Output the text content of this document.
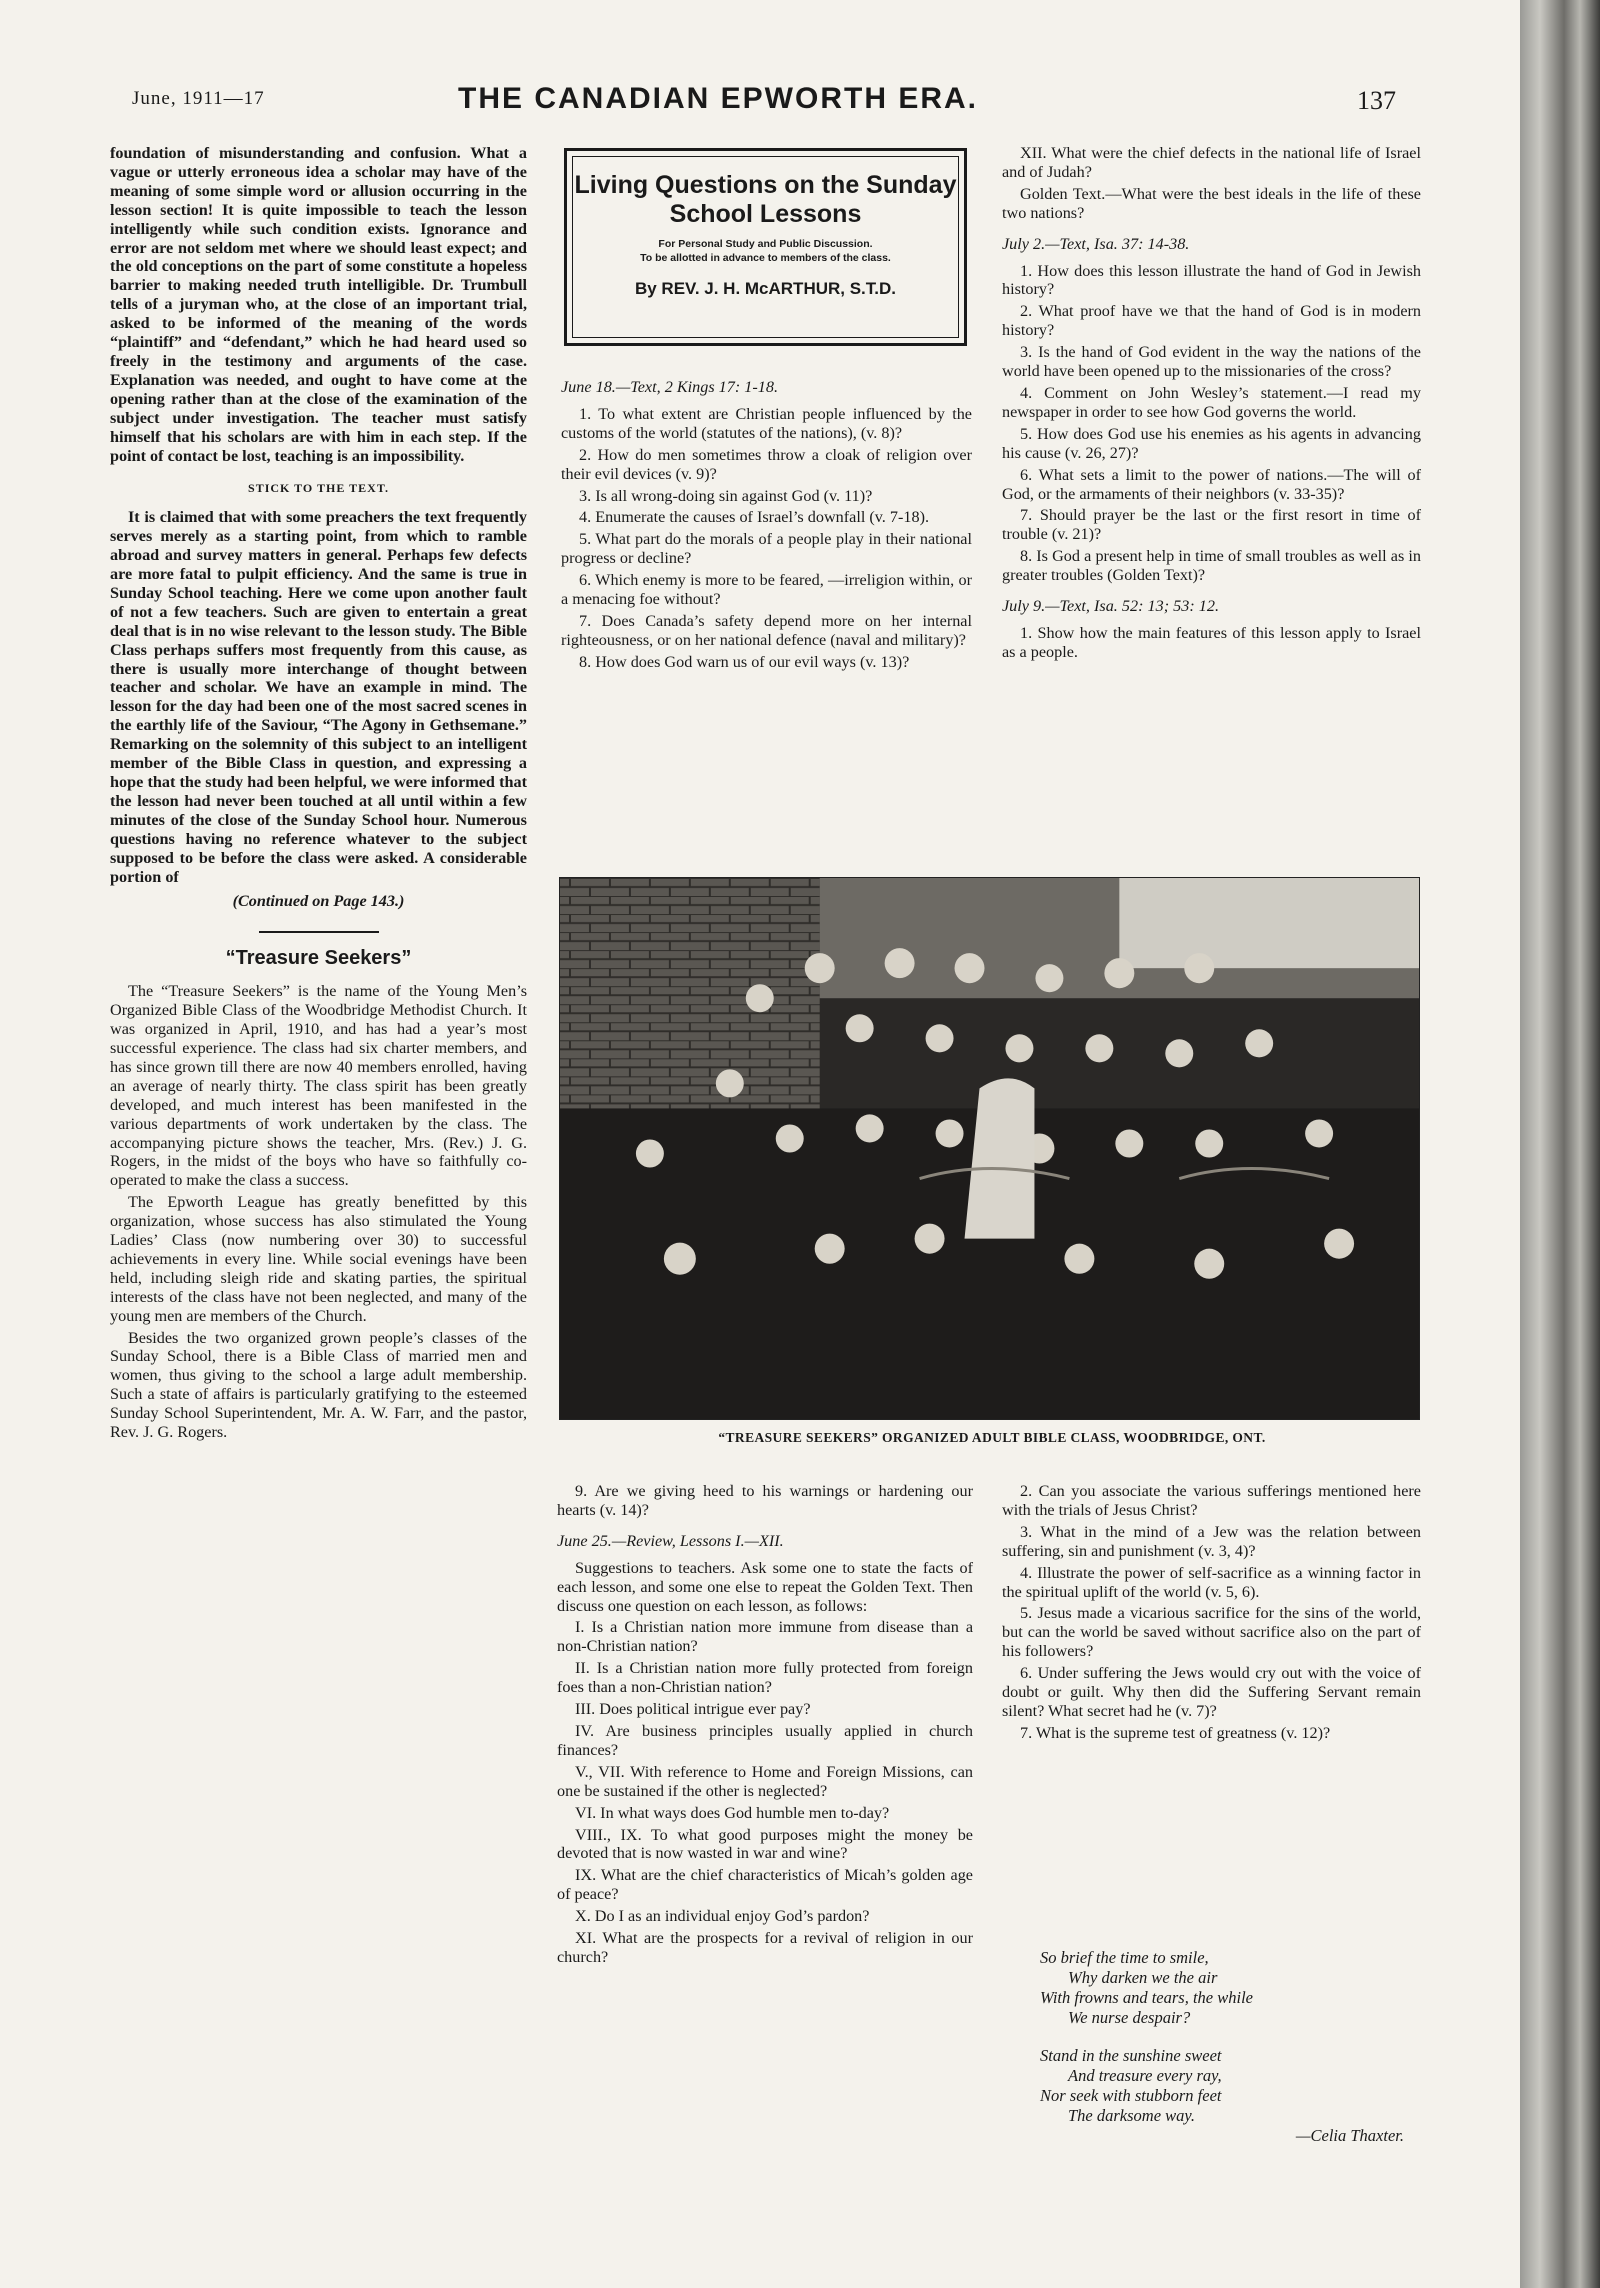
June, 1911—17	THE CANADIAN EPWORTH ERA.	137

foundation of misunderstanding and confusion. What a vague or utterly erroneous idea a scholar may have of the meaning of some simple word or allusion occurring in the lesson section! It is quite impossible to teach the lesson intelligently while such condition exists. Ignorance and error are not seldom met where we should least expect; and the old conceptions on the part of some constitute a hopeless barrier to making needed truth intelligible. Dr. Trumbull tells of a juryman who, at the close of an important trial, asked to be informed of the meaning of the words “plaintiff” and “defendant,” which he had heard used so freely in the testimony and arguments of the case. Explanation was needed, and ought to have come at the opening rather than at the close of the examination of the subject under investigation. The teacher must satisfy himself that his scholars are with him in each step. If the point of contact be lost, teaching is an impossibility.

STICK TO THE TEXT.

It is claimed that with some preachers the text frequently serves merely as a starting point, from which to ramble abroad and survey matters in general. Perhaps few defects are more fatal to pulpit efficiency. And the same is true in Sunday School teaching. Here we come upon another fault of not a few teachers. Such are given to entertain a great deal that is in no wise relevant to the lesson study. The Bible Class perhaps suffers most frequently from this cause, as there is usually more interchange of thought between teacher and scholar. We have an example in mind. The lesson for the day had been one of the most sacred scenes in the earthly life of the Saviour, “The Agony in Gethsemane.” Remarking on the solemnity of this subject to an intelligent member of the Bible Class in question, and expressing a hope that the study had been helpful, we were informed that the lesson had never been touched at all until within a few minutes of the close of the Sunday School hour. Numerous questions having no reference whatever to the subject supposed to be before the class were asked. A considerable portion of

(Continued on Page 143.)
“Treasure Seekers”

The “Treasure Seekers” is the name of the Young Men’s Organized Bible Class of the Woodbridge Methodist Church. It was organized in April, 1910, and has had a year’s most successful experience. The class had six charter members, and has since grown till there are now 40 members enrolled, having an average of nearly thirty. The class spirit has been greatly developed, and much interest has been manifested in the various departments of work undertaken by the class. The accompanying picture shows the teacher, Mrs. (Rev.) J. G. Rogers, in the midst of the boys who have so faithfully co-operated to make the class a success.

The Epworth League has greatly benefitted by this organization, whose success has also stimulated the Young Ladies’ Class (now numbering over 30) to successful achievements in every line. While social evenings have been held, including sleigh ride and skating parties, the spiritual interests of the class have not been neglected, and many of the young men are members of the Church.

Besides the two organized grown people’s classes of the Sunday School, there is a Bible Class of married men and women, thus giving to the school a large adult membership. Such a state of affairs is particularly gratifying to the esteemed Sunday School Superintendent, Mr. A. W. Farr, and the pastor, Rev. J. G. Rogers.

Living Questions on the Sunday School Lessons
For Personal Study and Public Discussion.
To be allotted in advance to members of the class.
By REV. J. H. McARTHUR, S.T.D.

June 18.—Text, 2 Kings 17: 1-18.

1. To what extent are Christian people influenced by the customs of the world (statutes of the nations), (v. 8)?

2. How do men sometimes throw a cloak of religion over their evil devices (v. 9)?

3. Is all wrong-doing sin against God (v. 11)?

4. Enumerate the causes of Israel’s downfall (v. 7-18).

5. What part do the morals of a people play in their national progress or decline?

6. Which enemy is more to be feared, —irreligion within, or a menacing foe without?

7. Does Canada’s safety depend more on her internal righteousness, or on her national defence (naval and military)?

8. How does God warn us of our evil ways (v. 13)?

XII. What were the chief defects in the national life of Israel and of Judah?

Golden Text.—What were the best ideals in the life of these two nations?

July 2.—Text, Isa. 37: 14-38.

1. How does this lesson illustrate the hand of God in Jewish history?

2. What proof have we that the hand of God is in modern history?

3. Is the hand of God evident in the way the nations of the world have been opened up to the missionaries of the cross?

4. Comment on John Wesley’s statement.—I read my newspaper in order to see how God governs the world.

5. How does God use his enemies as his agents in advancing his cause (v. 26, 27)?

6. What sets a limit to the power of nations.—The will of God, or the armaments of their neighbors (v. 33-35)?

7. Should prayer be the last or the first resort in time of trouble (v. 21)?

8. Is God a present help in time of small troubles as well as in greater troubles (Golden Text)?

July 9.—Text, Isa. 52: 13; 53: 12.

1. Show how the main features of this lesson apply to Israel as a people.

“TREASURE SEEKERS” ORGANIZED ADULT BIBLE CLASS, WOODBRIDGE, ONT.

9. Are we giving heed to his warnings or hardening our hearts (v. 14)?

June 25.—Review, Lessons I.—XII.

Suggestions to teachers. Ask some one to state the facts of each lesson, and some one else to repeat the Golden Text. Then discuss one question on each lesson, as follows:

I. Is a Christian nation more immune from disease than a non-Christian nation?

II. Is a Christian nation more fully protected from foreign foes than a non-Christian nation?

III. Does political intrigue ever pay?

IV. Are business principles usually applied in church finances?

V., VII. With reference to Home and Foreign Missions, can one be sustained if the other is neglected?

VI. In what ways does God humble men to-day?

VIII., IX. To what good purposes might the money be devoted that is now wasted in war and wine?

IX. What are the chief characteristics of Micah’s golden age of peace?

X. Do I as an individual enjoy God’s pardon?

XI. What are the prospects for a revival of religion in our church?

2. Can you associate the various sufferings mentioned here with the trials of Jesus Christ?

3. What in the mind of a Jew was the relation between suffering, sin and punishment (v. 3, 4)?

4. Illustrate the power of self-sacrifice as a winning factor in the spiritual uplift of the world (v. 5, 6).

5. Jesus made a vicarious sacrifice for the sins of the world, but can the world be saved without sacrifice also on the part of his followers?

6. Under suffering the Jews would cry out with the voice of doubt or guilt. Why then did the Suffering Servant remain silent? What secret had he (v. 7)?

7. What is the supreme test of greatness (v. 12)?

So brief the time to smile,
Why darken we the air
With frowns and tears, the while
We nurse despair?
Stand in the sunshine sweet
And treasure every ray,
Nor seek with stubborn feet
The darksome way.
—Celia Thaxter.
